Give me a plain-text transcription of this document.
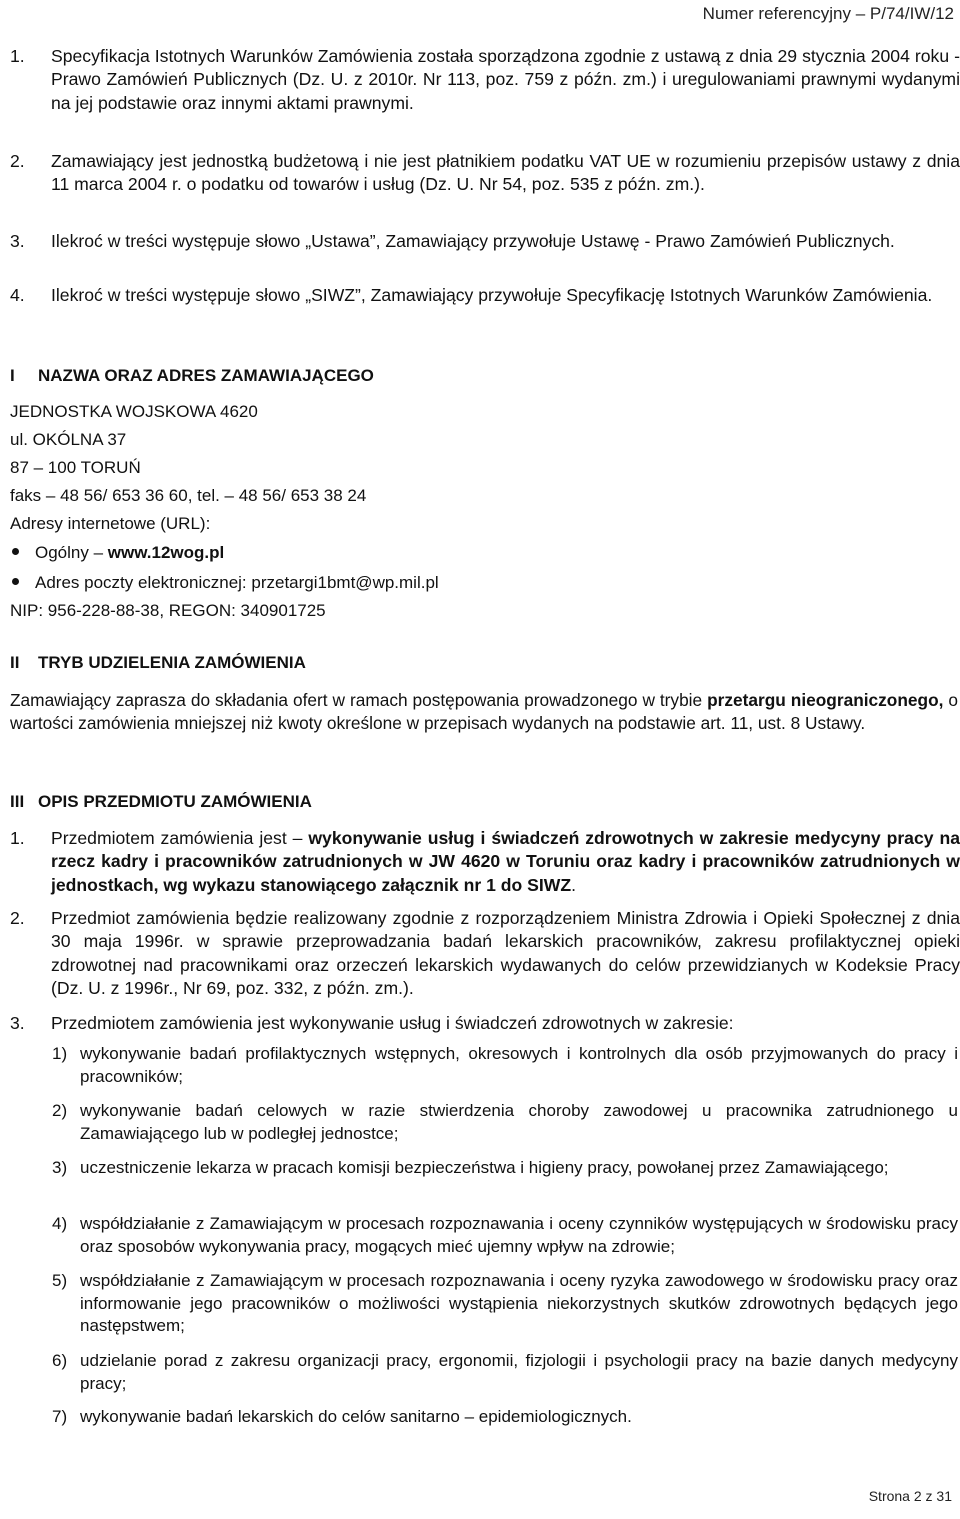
Numer referencyjny – P/74/IW/12
1. Specyfikacja Istotnych Warunków Zamówienia została sporządzona zgodnie z ustawą z dnia 29 stycznia 2004 roku - Prawo Zamówień Publicznych (Dz. U. z 2010r. Nr 113, poz. 759 z późn. zm.) i uregulowaniami prawnymi wydanymi na jej podstawie oraz innymi aktami prawnymi.
2. Zamawiający jest jednostką budżetową i nie jest płatnikiem podatku VAT UE w rozumieniu przepisów ustawy z dnia 11 marca 2004 r. o podatku od towarów i usług (Dz. U. Nr 54, poz. 535 z późn. zm.).
3. Ilekroć w treści występuje słowo „Ustawa”, Zamawiający przywołuje Ustawę - Prawo Zamówień Publicznych.
4. Ilekroć w treści występuje słowo „SIWZ”, Zamawiający przywołuje Specyfikację Istotnych Warunków Zamówienia.
I NAZWA ORAZ ADRES ZAMAWIAJĄCEGO
JEDNOSTKA WOJSKOWA 4620
ul. OKÓLNA 37
87 – 100 TORUŃ
faks – 48 56/ 653 36 60, tel. – 48 56/ 653 38 24
Adresy internetowe (URL):
Ogólny – www.12wog.pl
Adres poczty elektronicznej: przetargi1bmt@wp.mil.pl
NIP: 956-228-88-38, REGON: 340901725
II TRYB UDZIELENIA ZAMÓWIENIA
Zamawiający zaprasza do składania ofert w ramach postępowania prowadzonego w trybie przetargu nieograniczonego, o wartości zamówienia mniejszej niż kwoty określone w przepisach wydanych na podstawie art. 11, ust. 8 Ustawy.
III OPIS PRZEDMIOTU ZAMÓWIENIA
1. Przedmiotem zamówienia jest – wykonywanie usług i świadczeń zdrowotnych w zakresie medycyny pracy na rzecz kadry i pracowników zatrudnionych w JW 4620 w Toruniu oraz kadry i pracowników zatrudnionych w jednostkach, wg wykazu stanowiącego załącznik nr 1 do SIWZ.
2. Przedmiot zamówienia będzie realizowany zgodnie z rozporządzeniem Ministra Zdrowia i Opieki Społecznej z dnia 30 maja 1996r. w sprawie przeprowadzania badań lekarskich pracowników, zakresu profilaktycznej opieki zdrowotnej nad pracownikami oraz orzeczeń lekarskich wydawanych do celów przewidzianych w Kodeksie Pracy (Dz. U. z 1996r., Nr 69, poz. 332, z późn. zm.).
3. Przedmiotem zamówienia jest wykonywanie usług i świadczeń zdrowotnych w zakresie:
1) wykonywanie badań profilaktycznych wstępnych, okresowych i kontrolnych dla osób przyjmowanych do pracy i pracowników;
2) wykonywanie badań celowych w razie stwierdzenia choroby zawodowej u pracownika zatrudnionego u Zamawiającego lub w podległej jednostce;
3) uczestniczenie lekarza w pracach komisji bezpieczeństwa i higieny pracy, powołanej przez Zamawiającego;
4) współdziałanie z Zamawiającym w procesach rozpoznawania i oceny czynników występujących w środowisku pracy oraz sposobów wykonywania pracy, mogących mieć ujemny wpływ na zdrowie;
5) współdziałanie z Zamawiającym w procesach rozpoznawania i oceny ryzyka zawodowego w środowisku pracy oraz informowanie jego pracowników o możliwości wystąpienia niekorzystnych skutków zdrowotnych będących jego następstwem;
6) udzielanie porad z zakresu organizacji pracy, ergonomii, fizjologii i psychologii pracy na bazie danych medycyny pracy;
7) wykonywanie badań lekarskich do celów sanitarno – epidemiologicznych.
Strona 2 z 31
